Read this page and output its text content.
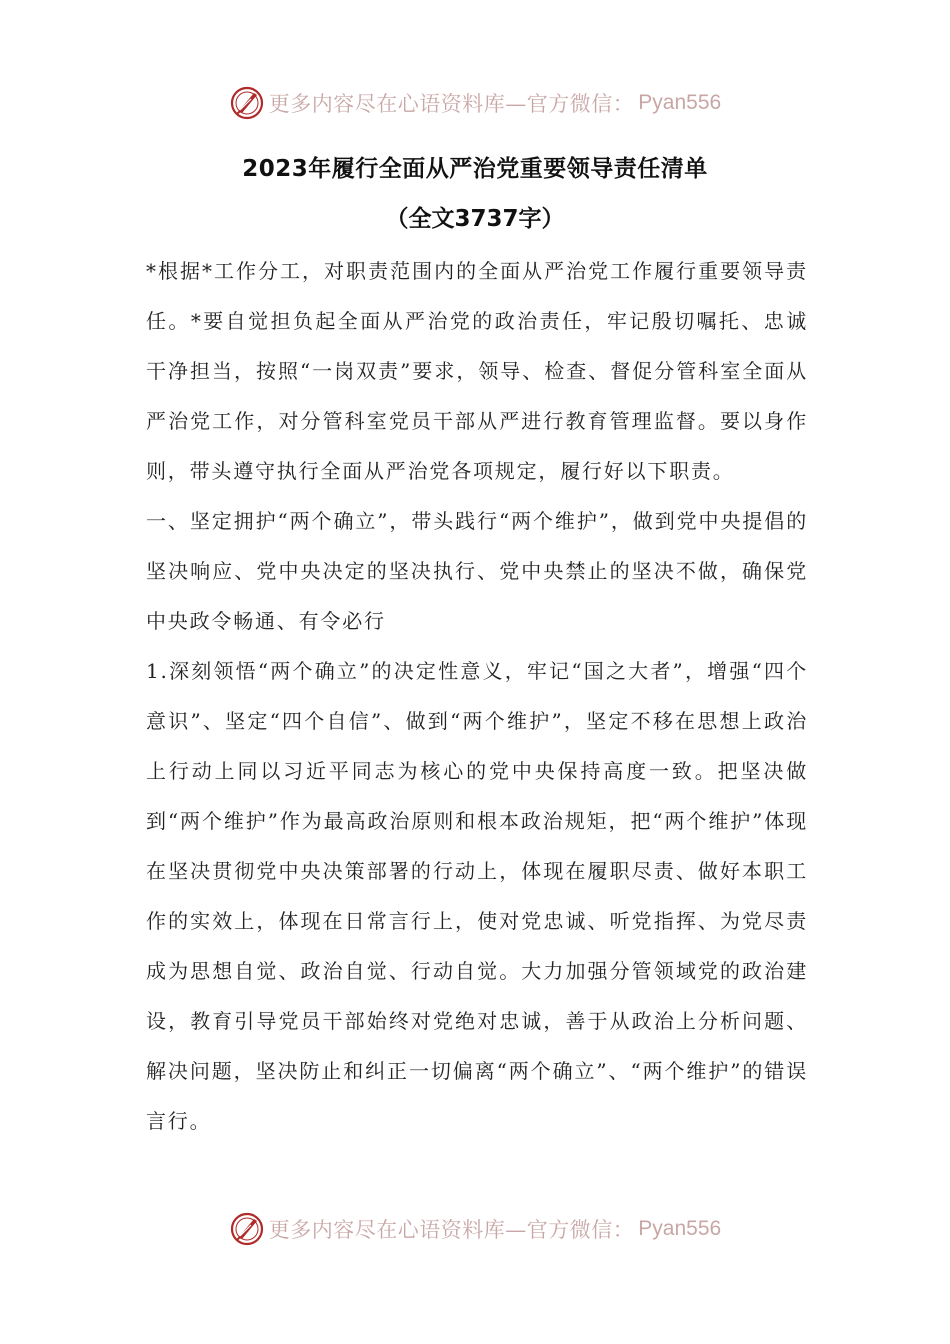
更多内容尽在心语资料库—官方微信： Pyan556
2023年履行全面从严治党重要领导责任清单
（全文3737字）

*根据*工作分工，对职责范围内的全面从严治党工作履行重要领导责任。*要自觉担负起全面从严治党的政治责任，牢记殷切嘱托、忠诚干净担当，按照“一岗双责”要求，领导、检查、督促分管科室全面从严治党工作，对分管科室党员干部从严进行教育管理监督。要以身作则，带头遵守执行全面从严治党各项规定，履行好以下职责。

一、坚定拥护“两个确立”，带头践行“两个维护”，做到党中央提倡的坚决响应、党中央决定的坚决执行、党中央禁止的坚决不做，确保党中央政令畅通、有令必行

1.深刻领悟“两个确立”的决定性意义，牢记“国之大者”，增强“四个意识”、坚定“四个自信”、做到“两个维护”，坚定不移在思想上政治上行动上同以习近平同志为核心的党中央保持高度一致。把坚决做到“两个维护”作为最高政治原则和根本政治规矩，把“两个维护”体现在坚决贯彻党中央决策部署的行动上，体现在履职尽责、做好本职工作的实效上，体现在日常言行上，使对党忠诚、听党指挥、为党尽责成为思想自觉、政治自觉、行动自觉。大力加强分管领域党的政治建设，教育引导党员干部始终对党绝对忠诚，善于从政治上分析问题、解决问题，坚决防止和纠正一切偏离“两个确立”、“两个维护”的错误言行。

更多内容尽在心语资料库—官方微信： Pyan556
